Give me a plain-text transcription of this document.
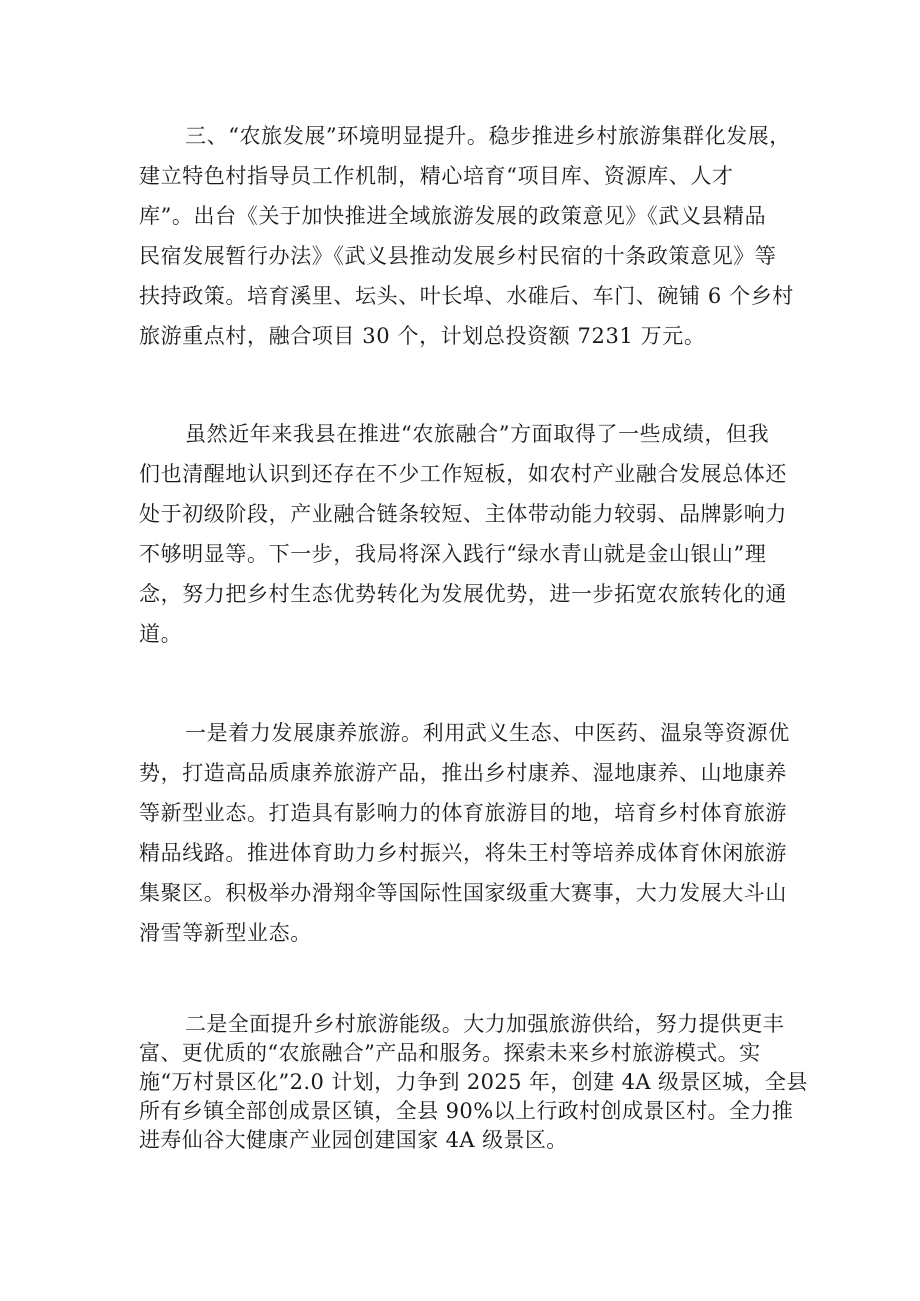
三、“农旅发展”环境明显提升。稳步推进乡村旅游集群化发展，
建立特色村指导员工作机制，精心培育“项目库、资源库、人才
库”。出台《关于加快推进全域旅游发展的政策意见》《武义县精品
民宿发展暂行办法》《武义县推动发展乡村民宿的十条政策意见》等
扶持政策。培育溪里、坛头、叶长埠、水碓后、车门、碗铺 6 个乡村
旅游重点村，融合项目 30 个，计划总投资额 7231 万元。
虽然近年来我县在推进“农旅融合”方面取得了一些成绩，但我
们也清醒地认识到还存在不少工作短板，如农村产业融合发展总体还
处于初级阶段，产业融合链条较短、主体带动能力较弱、品牌影响力
不够明显等。下一步，我局将深入践行“绿水青山就是金山银山”理
念，努力把乡村生态优势转化为发展优势，进一步拓宽农旅转化的通
道。
一是着力发展康养旅游。利用武义生态、中医药、温泉等资源优
势，打造高品质康养旅游产品，推出乡村康养、湿地康养、山地康养
等新型业态。打造具有影响力的体育旅游目的地，培育乡村体育旅游
精品线路。推进体育助力乡村振兴，将朱王村等培养成体育休闲旅游
集聚区。积极举办滑翔伞等国际性国家级重大赛事，大力发展大斗山
滑雪等新型业态。
二是全面提升乡村旅游能级。大力加强旅游供给，努力提供更丰
富、更优质的“农旅融合”产品和服务。探索未来乡村旅游模式。实
施“万村景区化”2.0 计划，力争到 2025 年，创建 4A 级景区城，全县
所有乡镇全部创成景区镇，全县 90%以上行政村创成景区村。全力推
进寿仙谷大健康产业园创建国家 4A 级景区。
